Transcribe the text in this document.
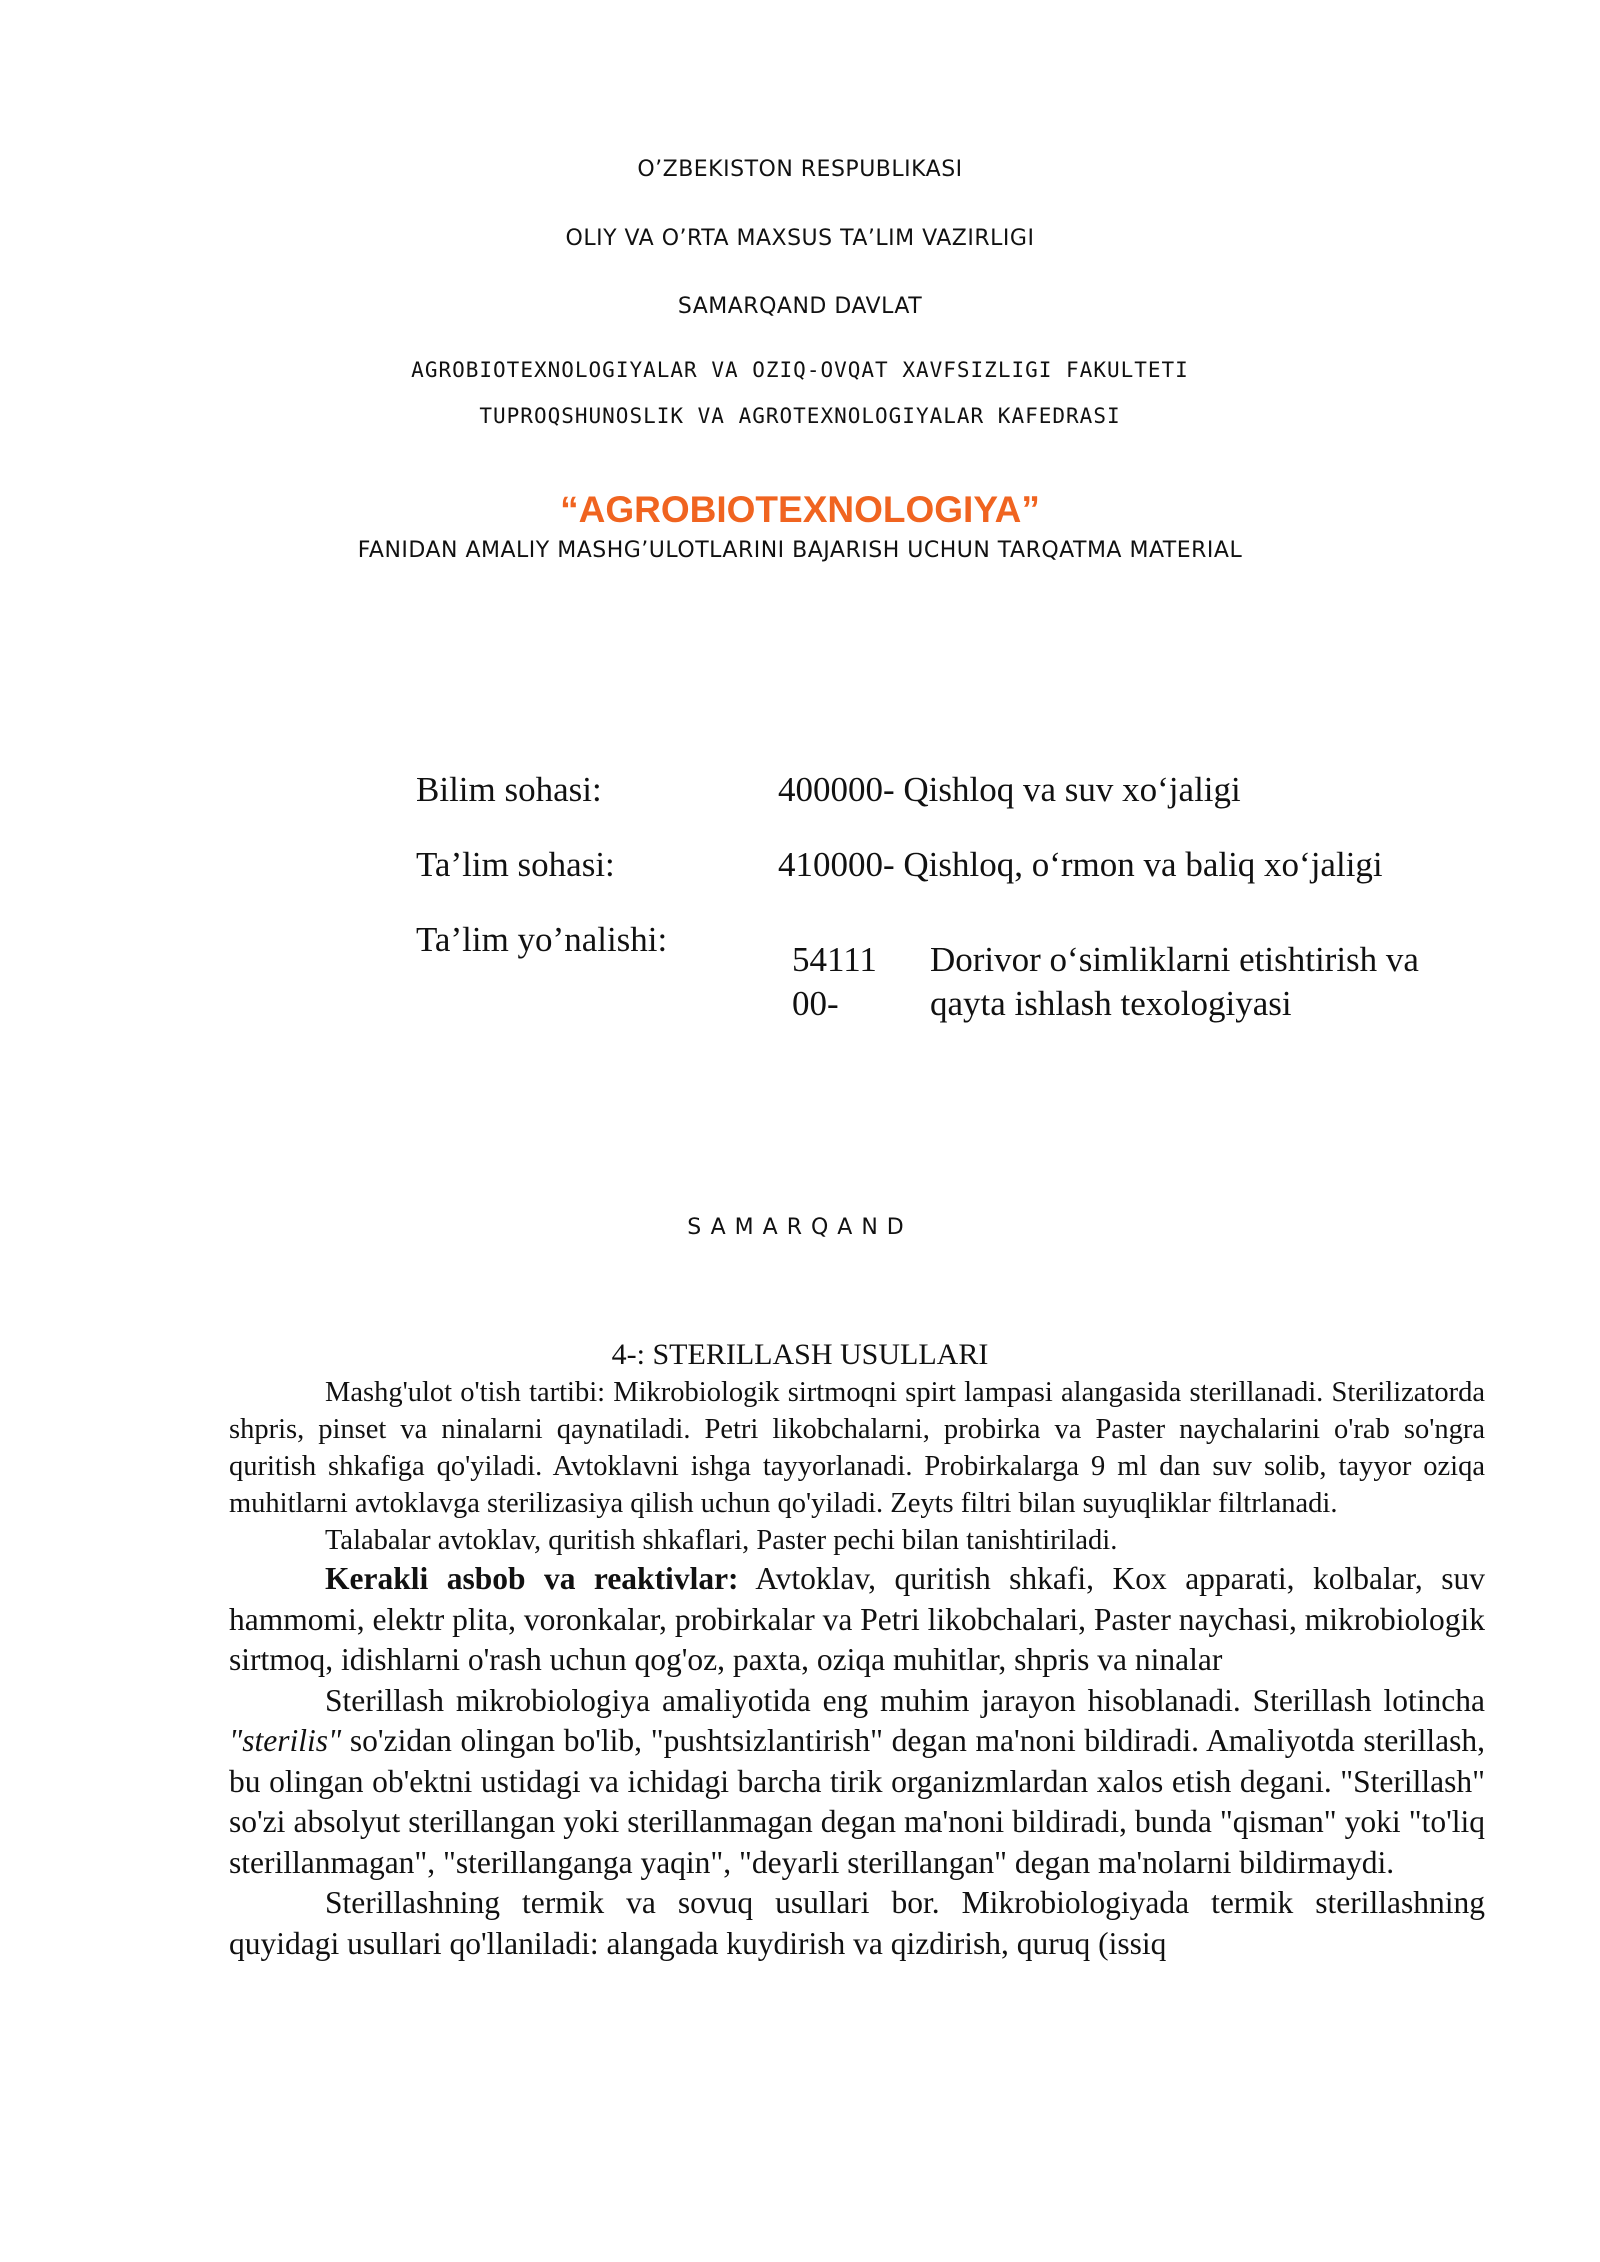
O’ZBEKISTON RESPUBLIKASI
OLIY VA O’RTA MAXSUS TA’LIM VAZIRLIGI
SAMARQAND DAVLAT
AGROBIOTEXNOLOGIYALAR VA OZIQ-OVQAT XAVFSIZLIGI FAKULTETI
TUPROQSHUNOSLIK VA AGROTEXNOLOGIYALAR KAFEDRASI
“AGROBIOTEXNOLOGIYA”
FANIDAN AMALIY MASHG’ULOTLARINI BAJARISH UCHUN TARQATMA MATERIAL
Bilim sohasi:	400000- Qishloq va suv xo‘jaligi
Ta’lim sohasi:	410000- Qishloq, o‘rmon va baliq xo‘jaligi
Ta’lim yo’nalishi:
54111
00-
Dorivor o‘simliklarni etishtirish va
qayta ishlash texologiyasi
SAMARQAND
4-: STERILLASH USULLARI

Mashg'ulot o'tish tartibi: Mikrobiologik sirtmoqni spirt lampasi alangasida sterillanadi. Sterilizatorda shpris, pinset va ninalarni qaynatiladi. Petri likobchalarni, probirka va Paster naychalarini o'rab so'ngra quritish shkafiga qo'yiladi. Avtoklavni ishga tayyorlanadi. Probirkalarga 9 ml dan suv solib, tayyor oziqa muhitlarni avtoklavga sterilizasiya qilish uchun qo'yiladi. Zeyts filtri bilan suyuqliklar filtrlanadi.

Talabalar avtoklav, quritish shkaflari, Paster pechi bilan tanishtiriladi.

Kerakli asbob va reaktivlar: Avtoklav, quritish shkafi, Kox apparati, kolbalar, suv hammomi, elektr plita, voronkalar, probirkalar va Petri likobchalari, Paster naychasi, mikrobiologik sirtmoq, idishlarni o'rash uchun qog'oz, paxta, oziqa muhitlar, shpris va ninalar

Sterillash mikrobiologiya amaliyotida eng muhim jarayon hisoblanadi. Sterillash lotincha "sterilis" so'zidan olingan bo'lib, "pushtsizlantirish" degan ma'noni bildiradi. Amaliyotda sterillash, bu olingan ob'ektni ustidagi va ichidagi barcha tirik organizmlardan xalos etish degani. "Sterillash" so'zi absolyut sterillangan yoki sterillanmagan degan ma'noni bildiradi, bunda "qisman" yoki "to'liq sterillanmagan", "sterillanganga yaqin", "deyarli sterillangan" degan ma'nolarni bildirmaydi.

Sterillashning termik va sovuq usullari bor. Mikrobiologiyada termik sterillashning quyidagi usullari qo'llaniladi: alangada kuydirish va qizdirish, quruq (issiq
